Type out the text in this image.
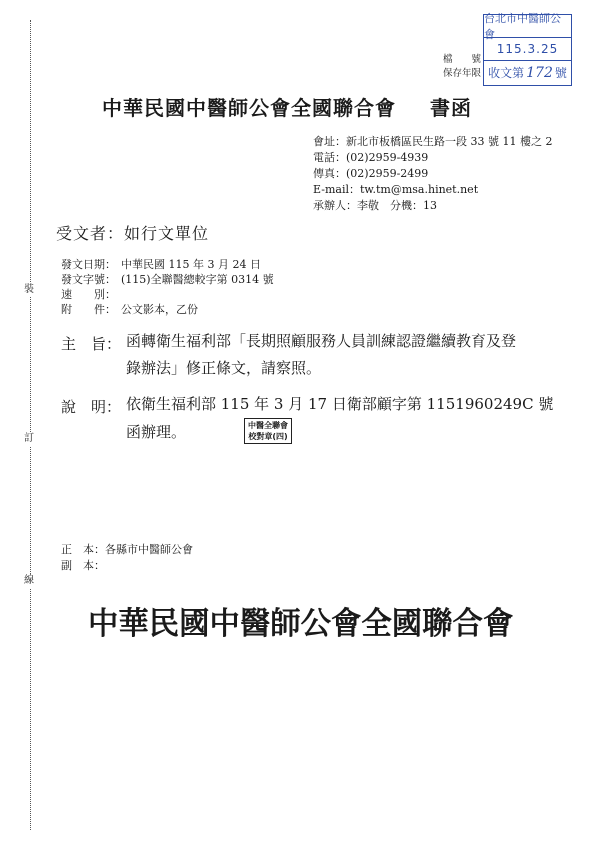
裝
訂
線
台北市中醫師公會
115.3.25
收文第 172 號
檔　　號
保存年限
中華民國中醫師公會全國聯合會 書函
會址：新北市板橋區民生路一段 33 號 11 樓之 2
電話：(02)2959-4939
傳真：(02)2959-2499
E-mail：tw.tm@msa.hinet.net
承辦人：李敬　分機：13
受文者：如行文單位
發文日期： 中華民國 115 年 3 月 24 日
發文字號： (115)全聯醫總較字第 0314 號
速　　別：
附　　件： 公文影本，乙份
主　旨： 函轉衛生福利部「長期照顧服務人員訓練認證繼續教育及登
錄辦法」修正條文，請察照。
說　明： 依衛生福利部 115 年 3 月 17 日衛部顧字第 1151960249C 號
函辦理。	中醫全聯會
校對章(四)
正　本：各縣市中醫師公會
副　本：
中華民國中醫師公會全國聯合會
